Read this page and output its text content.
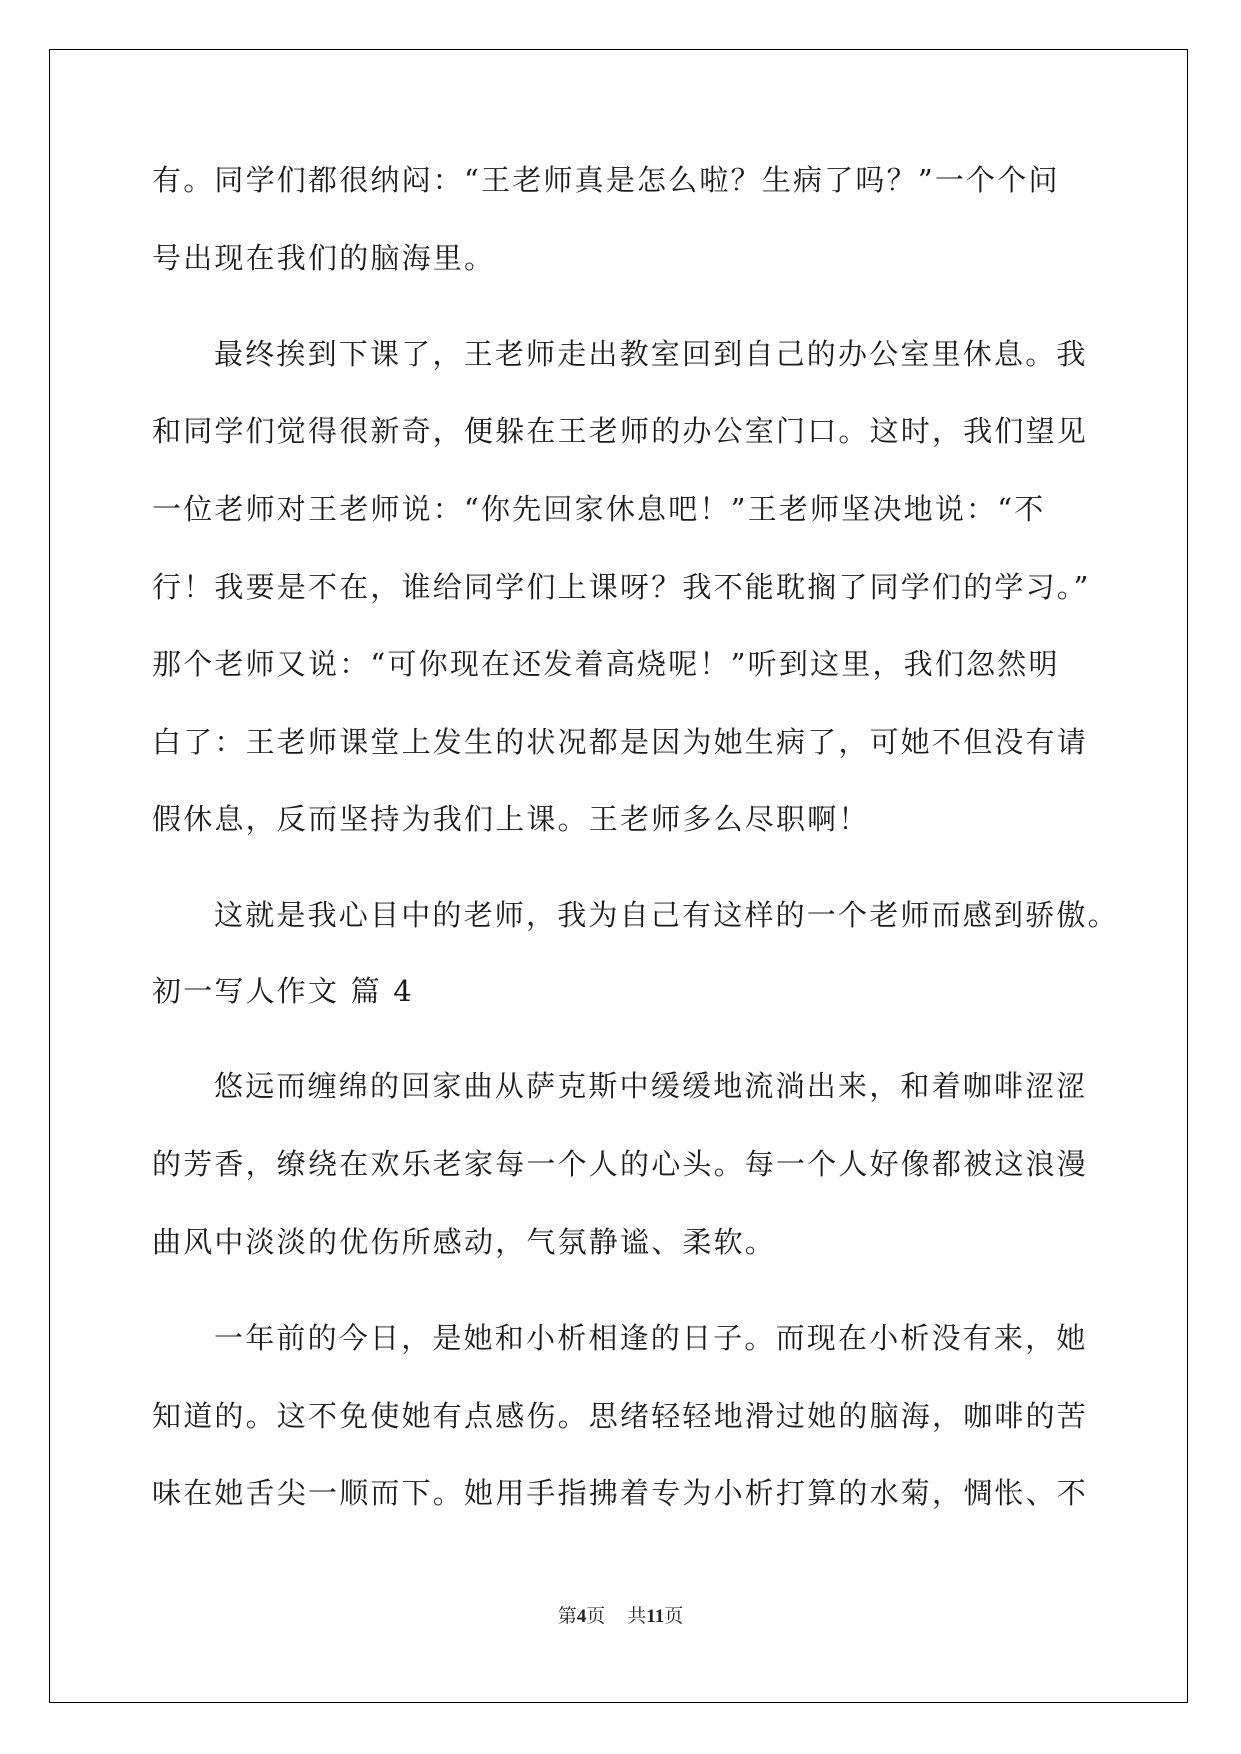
有。同学们都很纳闷：“王老师真是怎么啦？生病了吗？”一个个问
号出现在我们的脑海里。
最终挨到下课了，王老师走出教室回到自己的办公室里休息。我
和同学们觉得很新奇，便躲在王老师的办公室门口。这时，我们望见
一位老师对王老师说：“你先回家休息吧！”王老师坚决地说：“不
行！我要是不在，谁给同学们上课呀？我不能耽搁了同学们的学习。”
那个老师又说：“可你现在还发着高烧呢！”听到这里，我们忽然明
白了：王老师课堂上发生的状况都是因为她生病了，可她不但没有请
假休息，反而坚持为我们上课。王老师多么尽职啊！
这就是我心目中的老师，我为自己有这样的一个老师而感到骄傲。
初一写人作文 篇 4
悠远而缠绵的回家曲从萨克斯中缓缓地流淌出来，和着咖啡涩涩
的芳香，缭绕在欢乐老家每一个人的心头。每一个人好像都被这浪漫
曲风中淡淡的优伤所感动，气氛静谧、柔软。
一年前的今日，是她和小析相逢的日子。而现在小析没有来，她
知道的。这不免使她有点感伤。思绪轻轻地滑过她的脑海，咖啡的苦
味在她舌尖一顺而下。她用手指拂着专为小析打算的水菊，惆怅、不
第4页 共11页
